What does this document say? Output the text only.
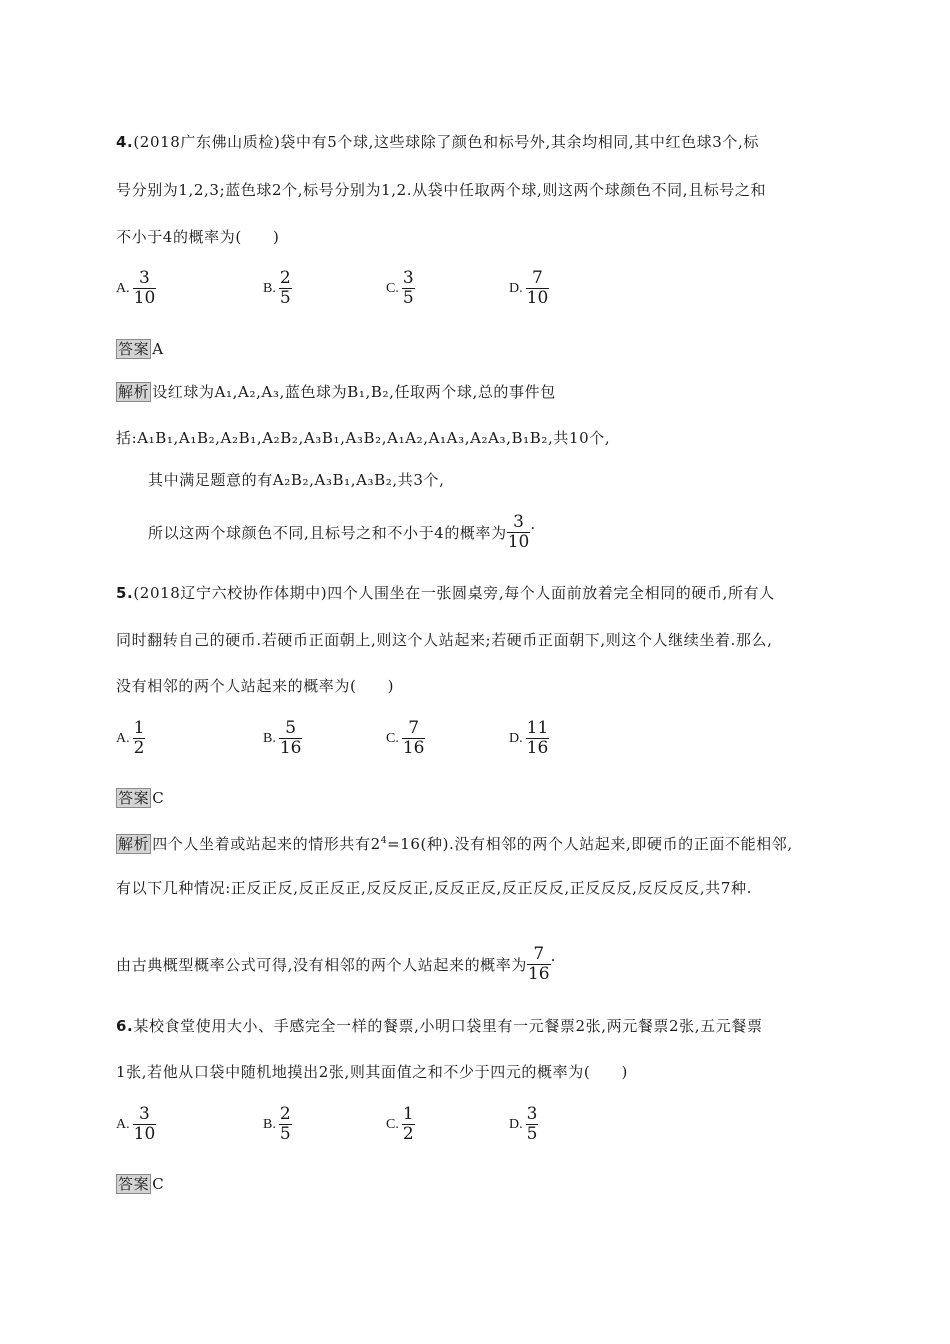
4.(2018广东佛山质检)袋中有5个球,这些球除了颜色和标号外,其余均相同,其中红色球3个,标
号分别为1,2,3;蓝色球2个,标号分别为1,2.从袋中任取两个球,则这两个球颜色不同,且标号之和
不小于4的概率为(　　)
A. $\frac{3}{10}$	B. $\frac{2}{5}$	C. $\frac{3}{5}$	D. $\frac{7}{10}$
答案 A
解析 设红球为A₁,A₂,A₃,蓝色球为B₁,B₂,任取两个球,总的事件包
括:A₁B₁,A₁B₂,A₂B₁,A₂B₂,A₃B₁,A₃B₂,A₁A₂,A₁A₃,A₂A₃,B₁B₂,共10个,
其中满足题意的有A₂B₂,A₃B₁,A₃B₂,共3个,
所以这两个球颜色不同,且标号之和不小于4的概率为 $\frac{3}{10}$ .
5.(2018辽宁六校协作体期中)四个人围坐在一张圆桌旁,每个人面前放着完全相同的硬币,所有人
同时翻转自己的硬币.若硬币正面朝上,则这个人站起来;若硬币正面朝下,则这个人继续坐着.那么,
没有相邻的两个人站起来的概率为(　　)
A. $\frac{1}{2}$	B. $\frac{5}{16}$	C. $\frac{7}{16}$	D. $\frac{11}{16}$
答案 C
解析 四个人坐着或站起来的情形共有$2^4=16$(种).没有相邻的两个人站起来,即硬币的正面不能相邻,
有以下几种情况:正反正反,反正反正,反反反正,反反正反,反正反反,正反反反,反反反反,共7种.
由古典概型概率公式可得,没有相邻的两个人站起来的概率为 $\frac{7}{16}$ .
6.某校食堂使用大小、手感完全一样的餐票,小明口袋里有一元餐票2张,两元餐票2张,五元餐票
1张,若他从口袋中随机地摸出2张,则其面值之和不少于四元的概率为(　　)
A. $\frac{3}{10}$	B. $\frac{2}{5}$	C. $\frac{1}{2}$	D. $\frac{3}{5}$
答案 C
